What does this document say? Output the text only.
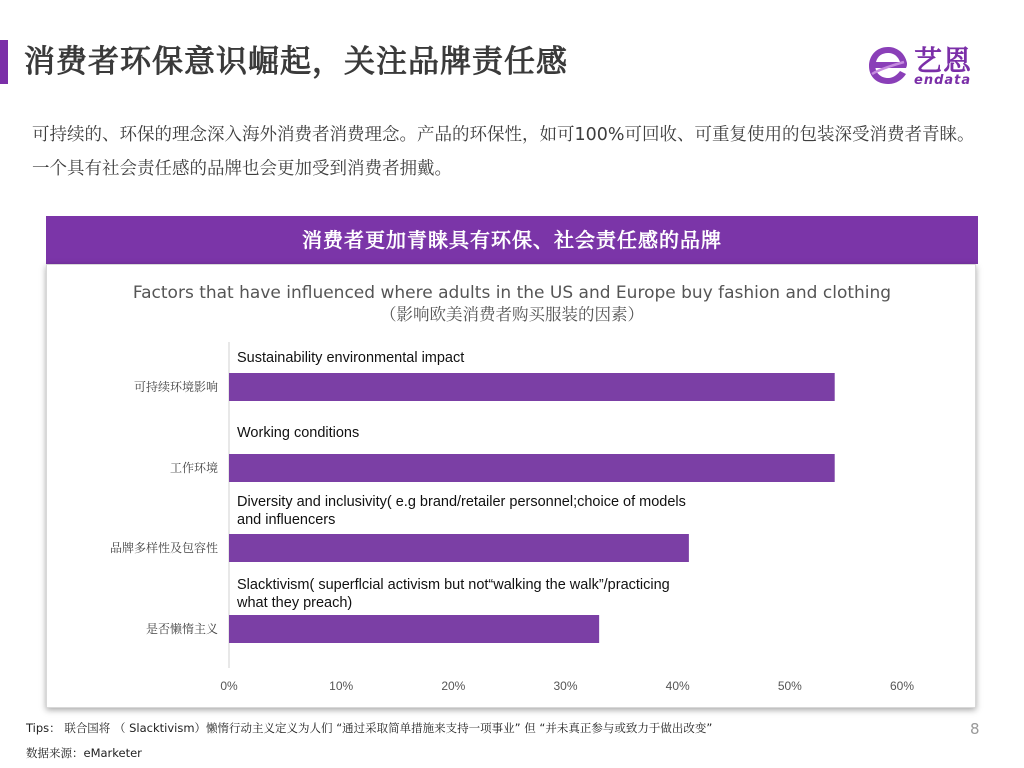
消费者环保意识崛起，关注品牌责任感	艺恩
endata
可持续的、环保的理念深入海外消费者消费理念。产品的环保性，如可100%可回收、可重复使用的包装深受消费者青睐。一个具有社会责任感的品牌也会更加受到消费者拥戴。
消费者更加青睐具有环保、社会责任感的品牌
Factors that have influenced where adults in the US and Europe buy fashion and clothing
（影响欧美消费者购买服装的因素）
可持续环境影响
Sustainability environmental impact
工作环境
Working conditions
品牌多样性及包容性
Diversity and inclusivity( e.g brand/retailer personnel;choice of models
and influencers
是否懒惰主义
Slacktivism( superflcial activism but not“walking the walk”/practicing
what they preach)
0%	10%	20%	30%	40%	50%	60%
Tips： 联合国将 （ Slacktivism）懒惰行动主义定义为人们 “通过采取简单措施来支持一项事业” 但 “并未真正参与或致力于做出改变”	8
数据来源：eMarketer
